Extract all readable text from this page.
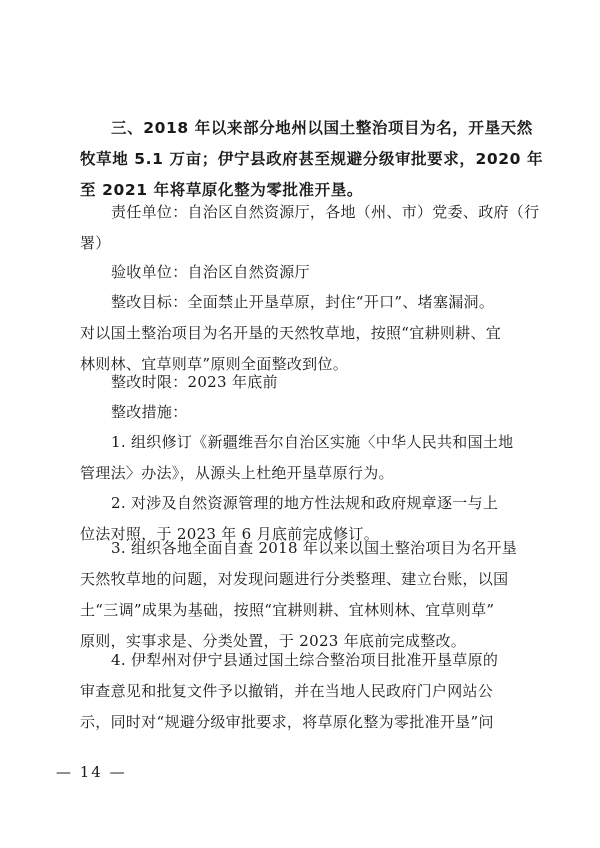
三、2018 年以来部分地州以国土整治项目为名，开垦天然
牧草地 5.1 万亩；伊宁县政府甚至规避分级审批要求，2020 年
至 2021 年将草原化整为零批准开垦。
责任单位：自治区自然资源厅，各地（州、市）党委、政府（行
署）
验收单位：自治区自然资源厅
整改目标：全面禁止开垦草原，封住“开口”、堵塞漏洞。
对以国土整治项目为名开垦的天然牧草地，按照“宜耕则耕、宜
林则林、宜草则草”原则全面整改到位。
整改时限：2023 年底前
整改措施：
1. 组织修订《新疆维吾尔自治区实施〈中华人民共和国土地
管理法〉办法》，从源头上杜绝开垦草原行为。
2. 对涉及自然资源管理的地方性法规和政府规章逐一与上
位法对照，于 2023 年 6 月底前完成修订。
3. 组织各地全面自查 2018 年以来以国土整治项目为名开垦
天然牧草地的问题，对发现问题进行分类整理、建立台账，以国
土“三调”成果为基础，按照“宜耕则耕、宜林则林、宜草则草”
原则，实事求是、分类处置，于 2023 年底前完成整改。
4. 伊犁州对伊宁县通过国土综合整治项目批准开垦草原的
审查意见和批复文件予以撤销，并在当地人民政府门户网站公
示，同时对“规避分级审批要求，将草原化整为零批准开垦”问
— 14 —
